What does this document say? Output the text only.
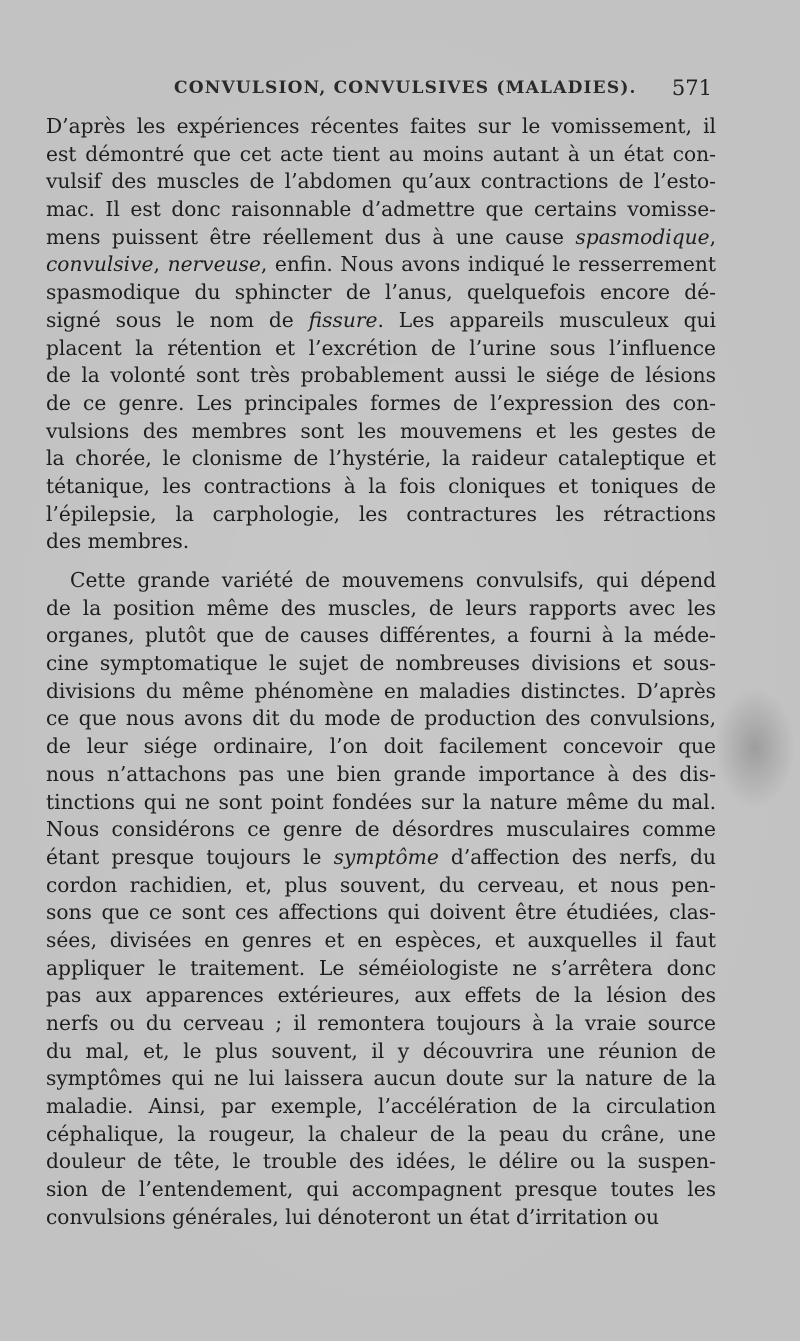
CONVULSION, CONVULSIVES (MALADIES). 571
D’après les expériences récentes faites sur le vomissement, il
est démontré que cet acte tient au moins autant à un état con-
vulsif des muscles de l’abdomen qu’aux contractions de l’esto-
mac. Il est donc raisonnable d’admettre que certains vomisse-
mens puissent être réellement dus à une cause spasmodique,
convulsive, nerveuse, enfin. Nous avons indiqué le resserrement
spasmodique du sphincter de l’anus, quelquefois encore dé-
signé sous le nom de fissure. Les appareils musculeux qui
placent la rétention et l’excrétion de l’urine sous l’influence
de la volonté sont très probablement aussi le siége de lésions
de ce genre. Les principales formes de l’expression des con-
vulsions des membres sont les mouvemens et les gestes de
la chorée, le clonisme de l’hystérie, la raideur cataleptique et
tétanique, les contractions à la fois cloniques et toniques de
l’épilepsie, la carphologie, les contractures les rétractions
des membres.
Cette grande variété de mouvemens convulsifs, qui dépend
de la position même des muscles, de leurs rapports avec les
organes, plutôt que de causes différentes, a fourni à la méde-
cine symptomatique le sujet de nombreuses divisions et sous-
divisions du même phénomène en maladies distinctes. D’après
ce que nous avons dit du mode de production des convulsions,
de leur siége ordinaire, l’on doit facilement concevoir que
nous n’attachons pas une bien grande importance à des dis-
tinctions qui ne sont point fondées sur la nature même du mal.
Nous considérons ce genre de désordres musculaires comme
étant presque toujours le symptôme d’affection des nerfs, du
cordon rachidien, et, plus souvent, du cerveau, et nous pen-
sons que ce sont ces affections qui doivent être étudiées, clas-
sées, divisées en genres et en espèces, et auxquelles il faut
appliquer le traitement. Le séméiologiste ne s’arrêtera donc
pas aux apparences extérieures, aux effets de la lésion des
nerfs ou du cerveau ; il remontera toujours à la vraie source
du mal, et, le plus souvent, il y découvrira une réunion de
symptômes qui ne lui laissera aucun doute sur la nature de la
maladie. Ainsi, par exemple, l’accélération de la circulation
céphalique, la rougeur, la chaleur de la peau du crâne, une
douleur de tête, le trouble des idées, le délire ou la suspen-
sion de l’entendement, qui accompagnent presque toutes les
convulsions générales, lui dénoteront un état d’irritation ou
